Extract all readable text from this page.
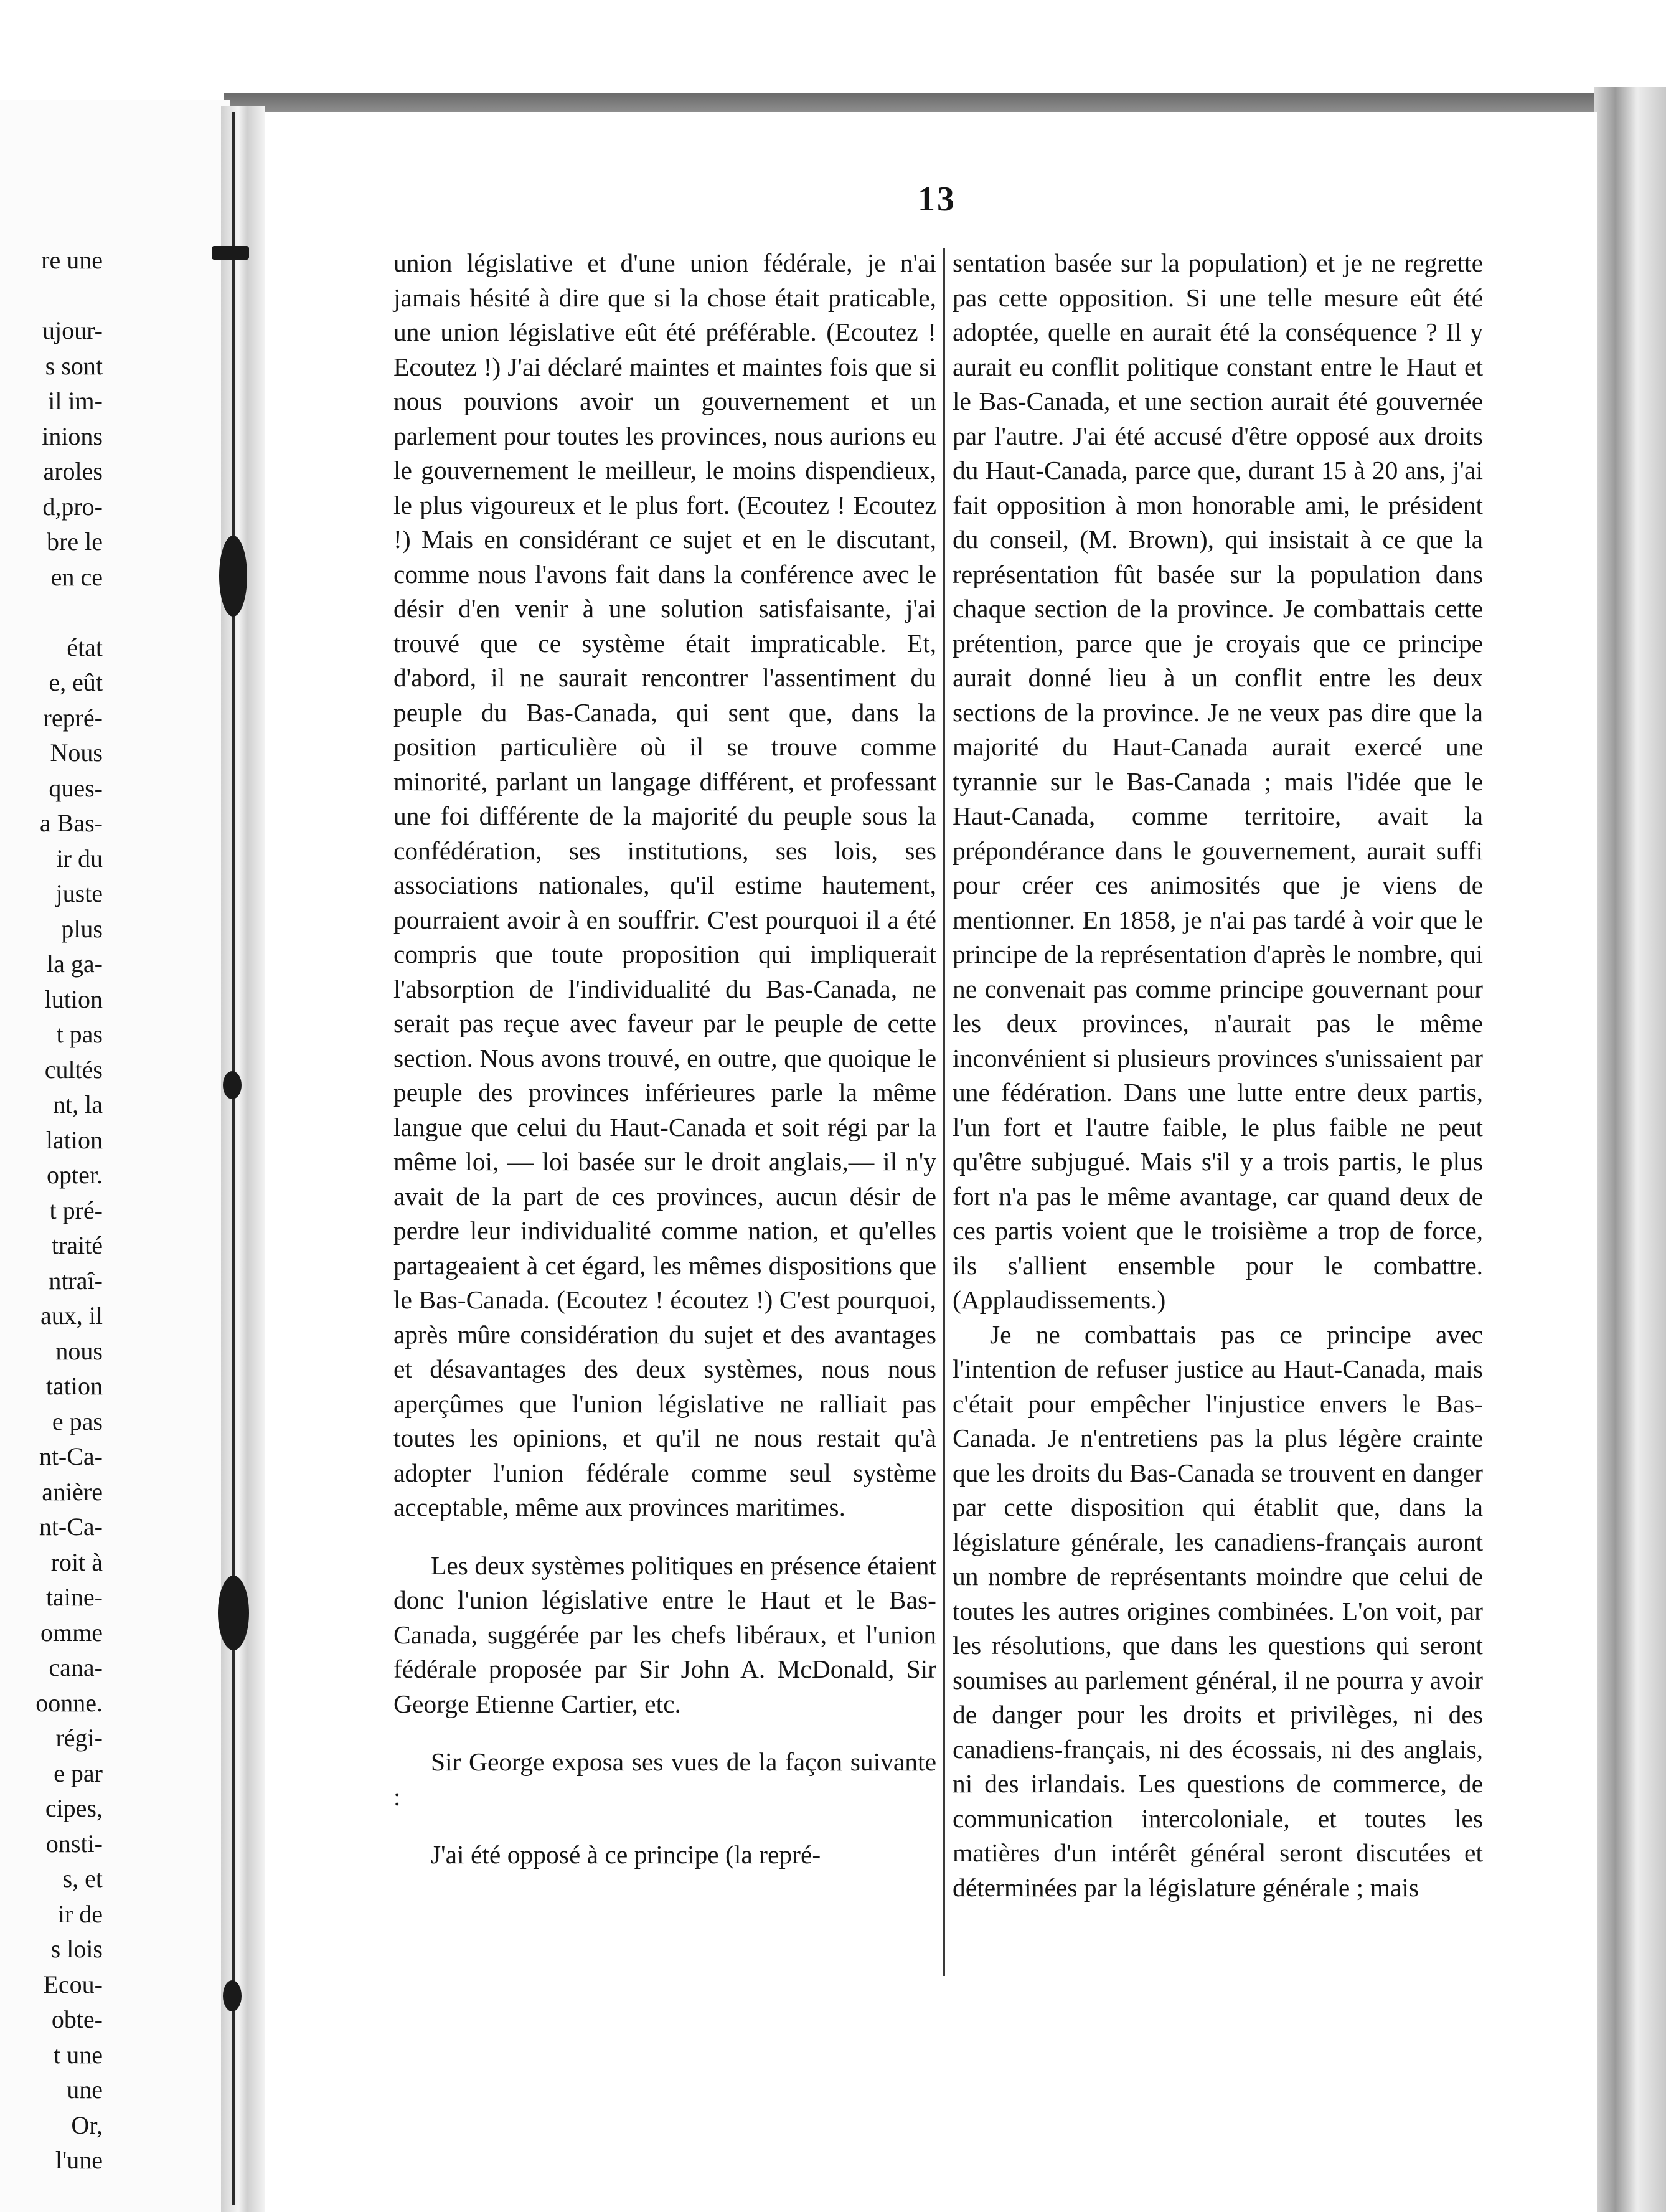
re une
ujour-
s sont
il im-
inions
aroles
d,pro-
bre le
en ce
état
e, eût
repré-
Nous
ques-
a Bas-
ir du
juste
plus
la ga-
lution
t pas
cultés
nt, la
lation
opter.
t pré-
traité
ntraî-
aux, il
nous
tation
e pas
nt-Ca-
anière
nt-Ca-
roit à
taine-
omme
cana-
oonne.
régi-
e par
cipes,
onsti-
s, et
ir de
s lois
Ecou-
obte-
t une
une
Or,
l'une
13

union législative et d'une union fédérale, je n'ai jamais hésité à dire que si la chose était praticable, une union législative eût été préférable. (Ecoutez ! Ecoutez !) J'ai déclaré maintes et maintes fois que si nous pouvions avoir un gouvernement et un parlement pour toutes les provinces, nous aurions eu le gouvernement le meilleur, le moins dispendieux, le plus vigoureux et le plus fort. (Ecoutez ! Ecoutez !) Mais en considérant ce sujet et en le discutant, comme nous l'avons fait dans la conférence avec le désir d'en venir à une solution satisfaisante, j'ai trouvé que ce système était impraticable. Et, d'abord, il ne saurait rencontrer l'assentiment du peuple du Bas-Canada, qui sent que, dans la position particulière où il se trouve comme minorité, parlant un langage différent, et professant une foi différente de la majorité du peuple sous la confédération, ses institutions, ses lois, ses associations nationales, qu'il estime hautement, pourraient avoir à en souffrir. C'est pourquoi il a été compris que toute proposition qui impliquerait l'absorption de l'individualité du Bas-Canada, ne serait pas reçue avec faveur par le peuple de cette section. Nous avons trouvé, en outre, que quoique le peuple des provinces inférieures parle la même langue que celui du Haut-Canada et soit régi par la même loi, — loi basée sur le droit anglais,— il n'y avait de la part de ces provinces, aucun désir de perdre leur individualité comme nation, et qu'elles partageaient à cet égard, les mêmes dispositions que le Bas-Canada. (Ecoutez ! écoutez !) C'est pourquoi, après mûre considération du sujet et des avantages et désavantages des deux systèmes, nous nous aperçûmes que l'union législative ne ralliait pas toutes les opinions, et qu'il ne nous restait qu'à adopter l'union fédérale comme seul système acceptable, même aux provinces maritimes.

Les deux systèmes politiques en présence étaient donc l'union législative entre le Haut et le Bas-Canada, suggérée par les chefs libéraux, et l'union fédérale proposée par Sir John A. McDonald, Sir George Etienne Cartier, etc.

Sir George exposa ses vues de la façon suivante :

J'ai été opposé à ce principe (la repré-

sentation basée sur la population) et je ne regrette pas cette opposition. Si une telle mesure eût été adoptée, quelle en aurait été la conséquence ? Il y aurait eu conflit politique constant entre le Haut et le Bas-Canada, et une section aurait été gouvernée par l'autre. J'ai été accusé d'être opposé aux droits du Haut-Canada, parce que, durant 15 à 20 ans, j'ai fait opposition à mon honorable ami, le président du conseil, (M. Brown), qui insistait à ce que la représentation fût basée sur la population dans chaque section de la province. Je combattais cette prétention, parce que je croyais que ce principe aurait donné lieu à un conflit entre les deux sections de la province. Je ne veux pas dire que la majorité du Haut-Canada aurait exercé une tyrannie sur le Bas-Canada ; mais l'idée que le Haut-Canada, comme territoire, avait la prépondérance dans le gouvernement, aurait suffi pour créer ces animosités que je viens de mentionner. En 1858, je n'ai pas tardé à voir que le principe de la représentation d'après le nombre, qui ne convenait pas comme principe gouvernant pour les deux provinces, n'aurait pas le même inconvénient si plusieurs provinces s'unissaient par une fédération. Dans une lutte entre deux partis, l'un fort et l'autre faible, le plus faible ne peut qu'être subjugué. Mais s'il y a trois partis, le plus fort n'a pas le même avantage, car quand deux de ces partis voient que le troisième a trop de force, ils s'allient ensemble pour le combattre. (Applaudissements.)

Je ne combattais pas ce principe avec l'intention de refuser justice au Haut-Canada, mais c'était pour empêcher l'injustice envers le Bas-Canada. Je n'entretiens pas la plus légère crainte que les droits du Bas-Canada se trouvent en danger par cette disposition qui établit que, dans la législature générale, les canadiens-français auront un nombre de représentants moindre que celui de toutes les autres origines combinées. L'on voit, par les résolutions, que dans les questions qui seront soumises au parlement général, il ne pourra y avoir de danger pour les droits et privilèges, ni des canadiens-français, ni des écossais, ni des anglais, ni des irlandais. Les questions de commerce, de communication intercoloniale, et toutes les matières d'un intérêt général seront discutées et déterminées par la législature générale ; mais
